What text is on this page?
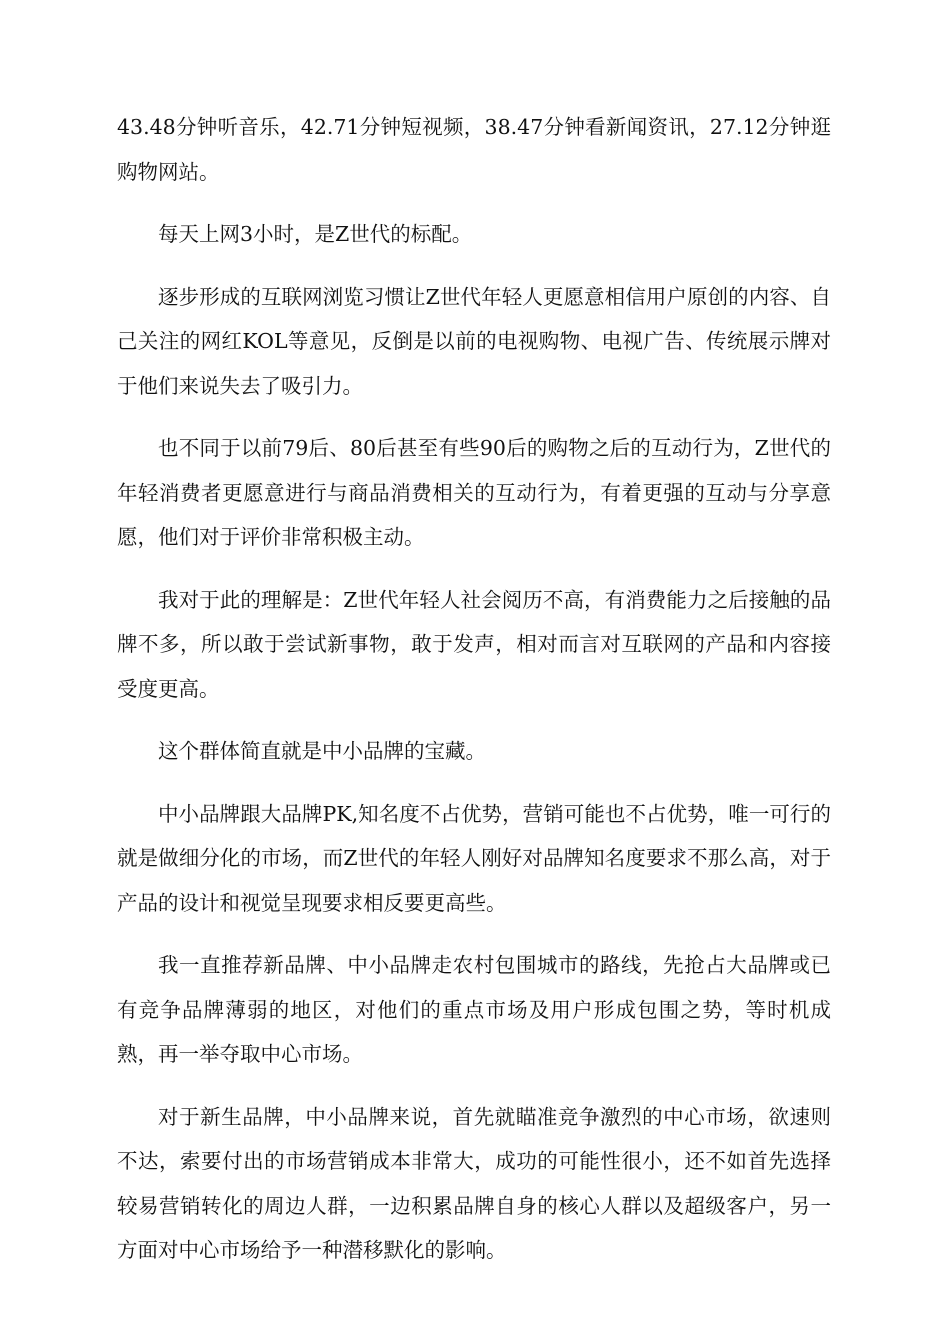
43.48分钟听音乐，42.71分钟短视频，38.47分钟看新闻资讯，27.12分钟逛购物网站。

每天上网3小时，是Z世代的标配。

逐步形成的互联网浏览习惯让Z世代年轻人更愿意相信用户原创的内容、自己关注的网红KOL等意见，反倒是以前的电视购物、电视广告、传统展示牌对于他们来说失去了吸引力。

也不同于以前79后、80后甚至有些90后的购物之后的互动行为，Z世代的年轻消费者更愿意进行与商品消费相关的互动行为，有着更强的互动与分享意愿，他们对于评价非常积极主动。

我对于此的理解是：Z世代年轻人社会阅历不高，有消费能力之后接触的品牌不多，所以敢于尝试新事物，敢于发声，相对而言对互联网的产品和内容接受度更高。

这个群体简直就是中小品牌的宝藏。

中小品牌跟大品牌PK,知名度不占优势，营销可能也不占优势，唯一可行的就是做细分化的市场，而Z世代的年轻人刚好对品牌知名度要求不那么高，对于产品的设计和视觉呈现要求相反要更高些。

我一直推荐新品牌、中小品牌走农村包围城市的路线，先抢占大品牌或已有竞争品牌薄弱的地区，对他们的重点市场及用户形成包围之势，等时机成熟，再一举夺取中心市场。

对于新生品牌，中小品牌来说，首先就瞄准竞争激烈的中心市场，欲速则不达，索要付出的市场营销成本非常大，成功的可能性很小，还不如首先选择较易营销转化的周边人群，一边积累品牌自身的核心人群以及超级客户，另一方面对中心市场给予一种潜移默化的影响。
